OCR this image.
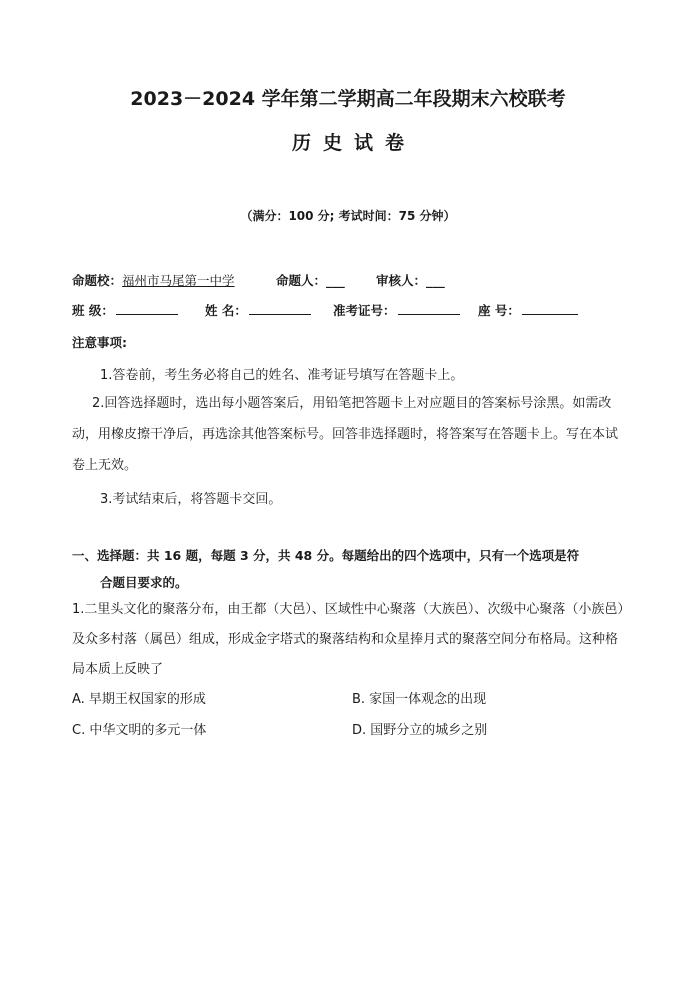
2023－2024 学年第二学期高二年段期末六校联考
历史试卷
（满分：100 分; 考试时间：75 分钟）
命题校：福州市马尾第一中学	命题人：___ 审核人：___
班 级：	姓 名：	准考证号：	座 号：
注意事项:
1.答卷前，考生务必将自己的姓名、准考证号填写在答题卡上。
2.回答选择题时，选出每小题答案后，用铅笔把答题卡上对应题目的答案标号涂黑。如需改动，用橡皮擦干净后，再选涂其他答案标号。回答非选择题时，将答案写在答题卡上。写在本试卷上无效。
3.考试结束后，将答题卡交回。
一、选择题：共 16 题，每题 3 分，共 48 分。每题给出的四个选项中，只有一个选项是符
合题目要求的。
1.二里头文化的聚落分布，由王都（大邑）、区域性中心聚落（大族邑）、次级中心聚落（小族邑）及众多村落（属邑）组成，形成金字塔式的聚落结构和众星捧月式的聚落空间分布格局。这种格局本质上反映了
A. 早期王权国家的形成	B. 家国一体观念的出现
C. 中华文明的多元一体	D. 国野分立的城乡之别
